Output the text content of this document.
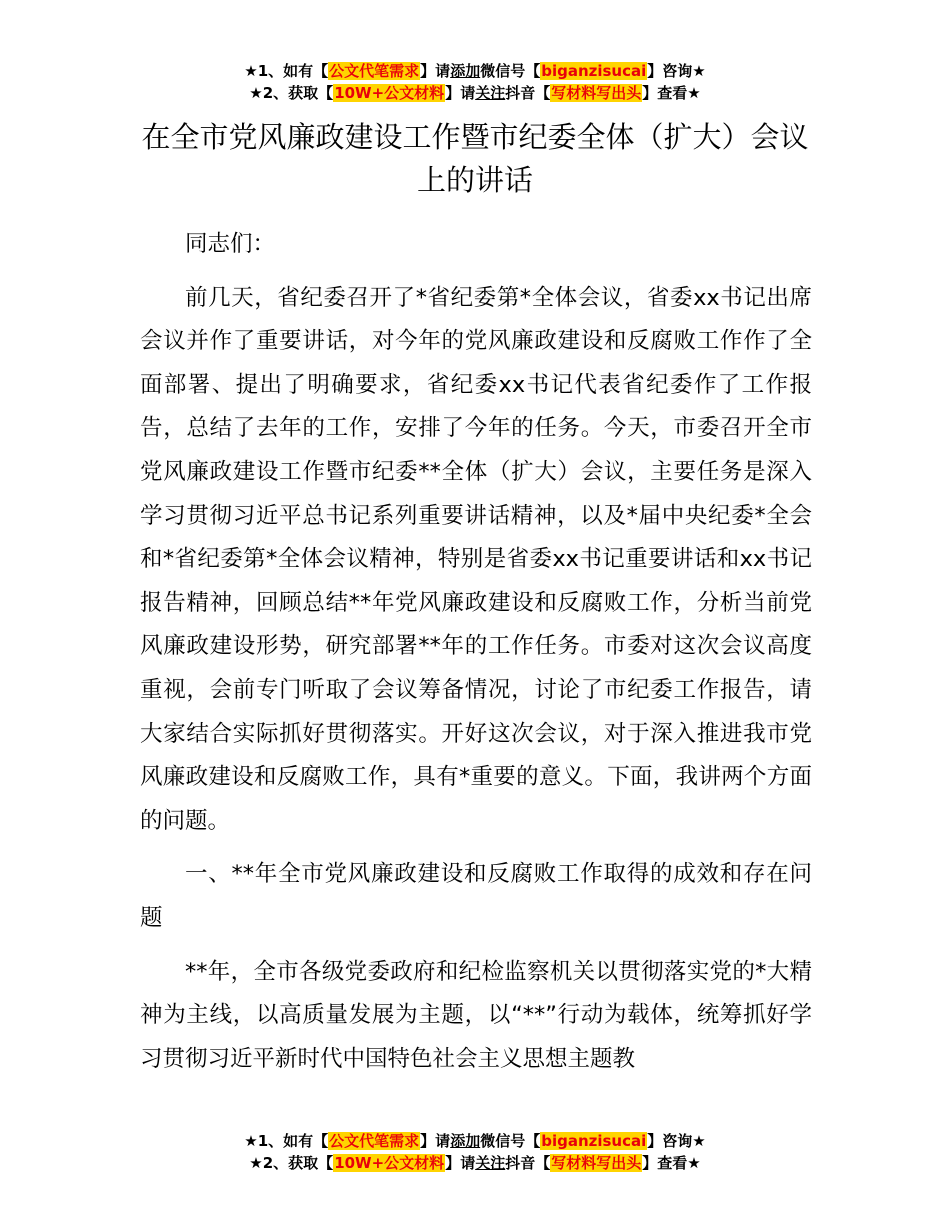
★1、如有【公文代笔需求】请添加微信号【biganzisucai】咨询★
★2、获取【10W+公文材料】请关注抖音【写材料写出头】查看★
在全市党风廉政建设工作暨市纪委全体（扩大）会议上的讲话

同志们：

前几天，省纪委召开了*省纪委第*全体会议，省委xx书记出席会议并作了重要讲话，对今年的党风廉政建设和反腐败工作作了全面部署、提出了明确要求，省纪委xx书记代表省纪委作了工作报告，总结了去年的工作，安排了今年的任务。今天，市委召开全市党风廉政建设工作暨市纪委**全体（扩大）会议，主要任务是深入学习贯彻习近平总书记系列重要讲话精神，以及*届中央纪委*全会和*省纪委第*全体会议精神，特别是省委xx书记重要讲话和xx书记报告精神，回顾总结**年党风廉政建设和反腐败工作，分析当前党风廉政建设形势，研究部署**年的工作任务。市委对这次会议高度重视，会前专门听取了会议筹备情况，讨论了市纪委工作报告，请大家结合实际抓好贯彻落实。开好这次会议，对于深入推进我市党风廉政建设和反腐败工作，具有*重要的意义。下面，我讲两个方面的问题。

一、**年全市党风廉政建设和反腐败工作取得的成效和存在问题

**年，全市各级党委政府和纪检监察机关以贯彻落实党的*大精神为主线，以高质量发展为主题，以“**”行动为载体，统筹抓好学习贯彻习近平新时代中国特色社会主义思想主题教

★1、如有【公文代笔需求】请添加微信号【biganzisucai】咨询★
★2、获取【10W+公文材料】请关注抖音【写材料写出头】查看★
